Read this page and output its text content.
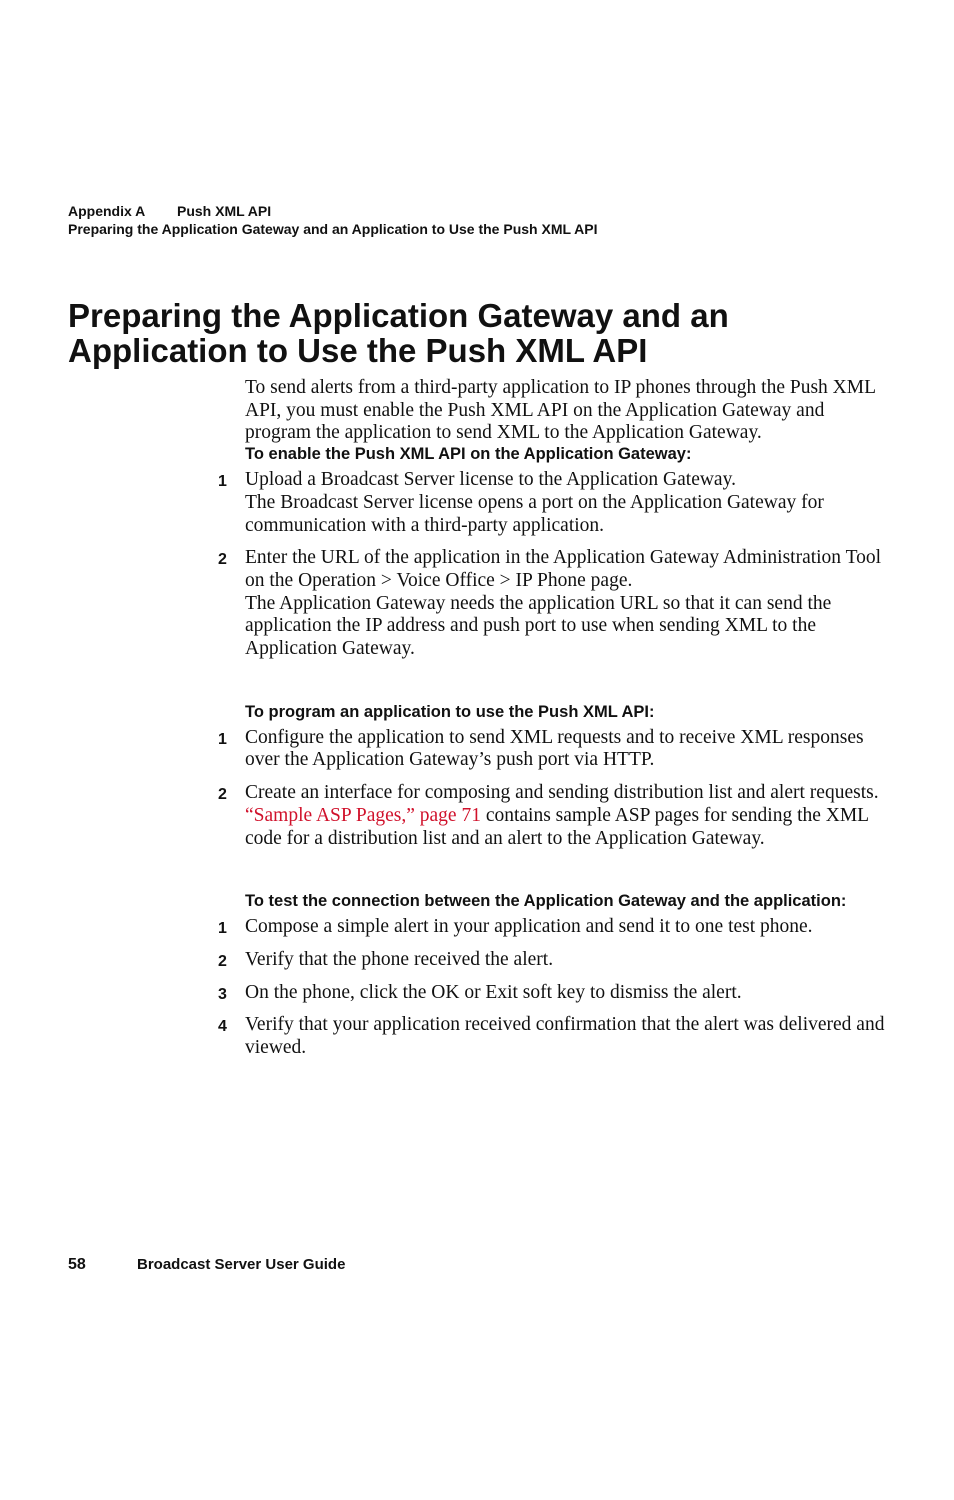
Appendix A Push XML API
Preparing the Application Gateway and an Application to Use the Push XML API
Preparing the Application Gateway and an Application to Use the Push XML API

To send alerts from a third-party application to IP phones through the Push XML API, you must enable the Push XML API on the Application Gateway and program the application to send XML to the Application Gateway.

To enable the Push XML API on the Application Gateway:
1 Upload a Broadcast Server license to the Application Gateway.

The Broadcast Server license opens a port on the Application Gateway for communication with a third-party application.

2 Enter the URL of the application in the Application Gateway Administration Tool on the Operation > Voice Office > IP Phone page.

The Application Gateway needs the application URL so that it can send the application the IP address and push port to use when sending XML to the Application Gateway.

To program an application to use the Push XML API:
1 Configure the application to send XML requests and to receive XML responses over the Application Gateway’s push port via HTTP.

2 Create an interface for composing and sending distribution list and alert requests.

“Sample ASP Pages,” page 71 contains sample ASP pages for sending the XML code for a distribution list and an alert to the Application Gateway.

To test the connection between the Application Gateway and the application:
1 Compose a simple alert in your application and send it to one test phone.

2 Verify that the phone received the alert.

3 On the phone, click the OK or Exit soft key to dismiss the alert.

4 Verify that your application received confirmation that the alert was delivered and viewed.

58	Broadcast Server User Guide
